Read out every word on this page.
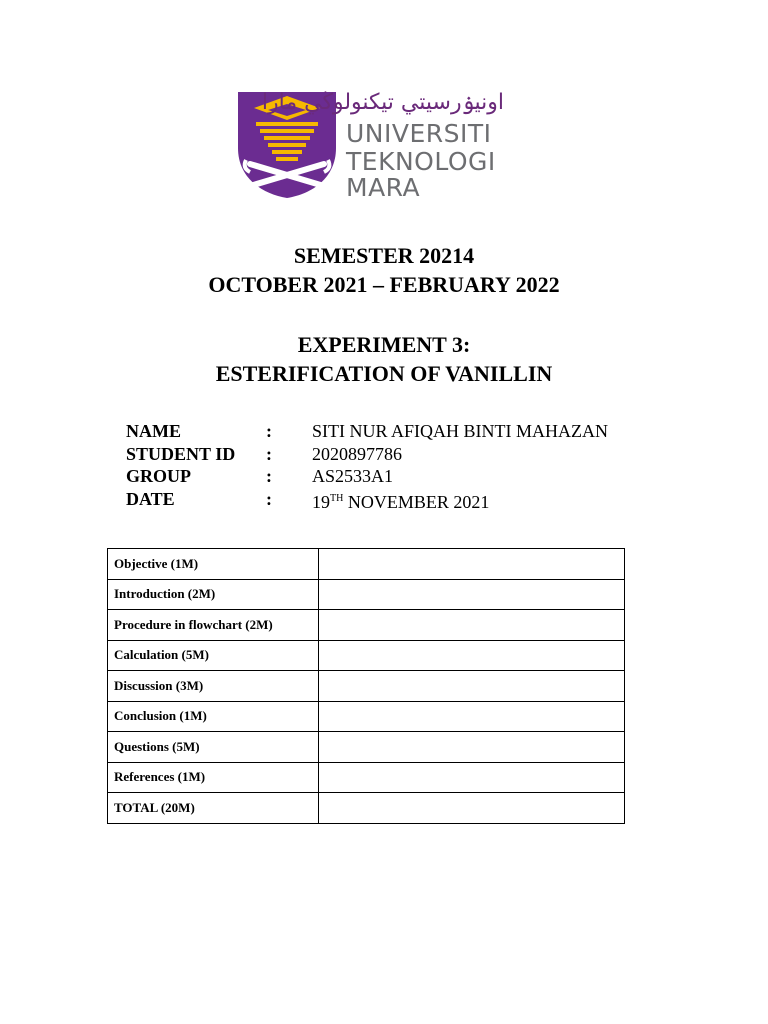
اونيۏرسيتي تيكنولوڬي مارا
UNIVERSITI
TEKNOLOGI
MARA
SEMESTER 20214
OCTOBER 2021 – FEBRUARY 2022
EXPERIMENT 3:
ESTERIFICATION OF VANILLIN
NAME	: SITI NUR AFIQAH BINTI MAHAZAN
STUDENT ID : 2020897786
GROUP	: AS2533A1
DATE	: 19TH NOVEMBER 2021
Objective (1M)	
Introduction (2M)	
Procedure in flowchart (2M)	
Calculation (5M)	
Discussion (3M)	
Conclusion (1M)	
Questions (5M)	
References (1M)	
TOTAL (20M)	
